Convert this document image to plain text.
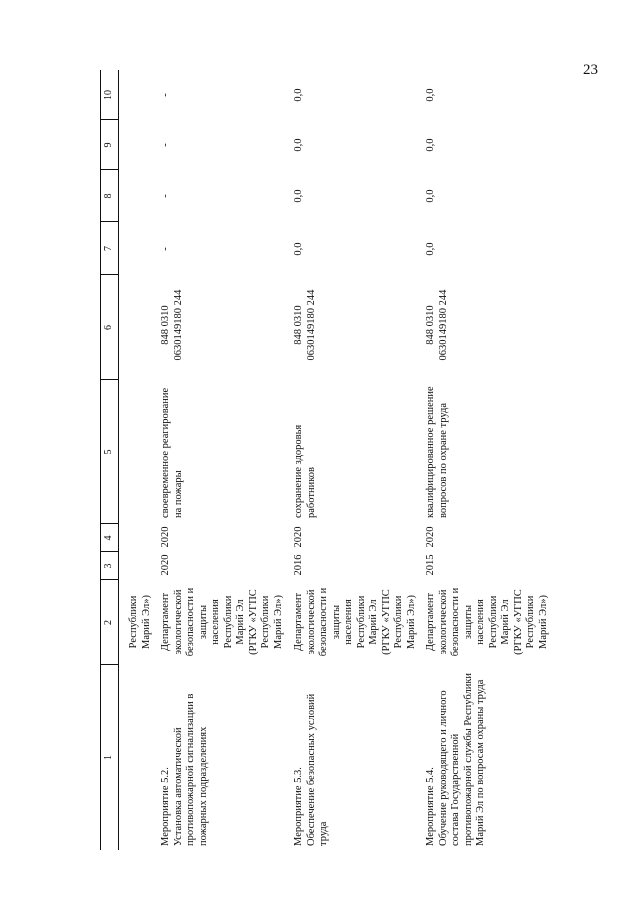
23
1
2
3
4
5
6
7
8
9
10
Республики
Марий Эл»)
Мероприятие 5.2.
Установка автоматической противопожарной сигнализации в пожарных подразделениях
Департамент
экологической
безопасности и
защиты
населения
Республики
Марий Эл
(РГКУ «УГПС
Республики
Марий Эл»)
2020
2020
своевременное реагирование на пожары
848 0310
0630149180 244
-
-
-
-
Мероприятие 5.3.
Обеспечение безопасных условий труда
Департамент
экологической
безопасности и
защиты
населения
Республики
Марий Эл
(РГКУ «УГПС
Республики
Марий Эл»)
2016
2020
сохранение здоровья работников
848 0310
0630149180 244
0,0
0,0
0,0
0,0
Мероприятие 5.4.
Обучение руководящего и личного состава Государственной противопожарной службы Республики Марий Эл по вопросам охраны труда
Департамент
экологической
безопасности и
защиты
населения
Республики
Марий Эл
(РГКУ «УГПС
Республики
Марий Эл»)
2015
2020
квалифицированное решение вопросов по охране труда
848 0310
0630149180 244
0,0
0,0
0,0
0,0
